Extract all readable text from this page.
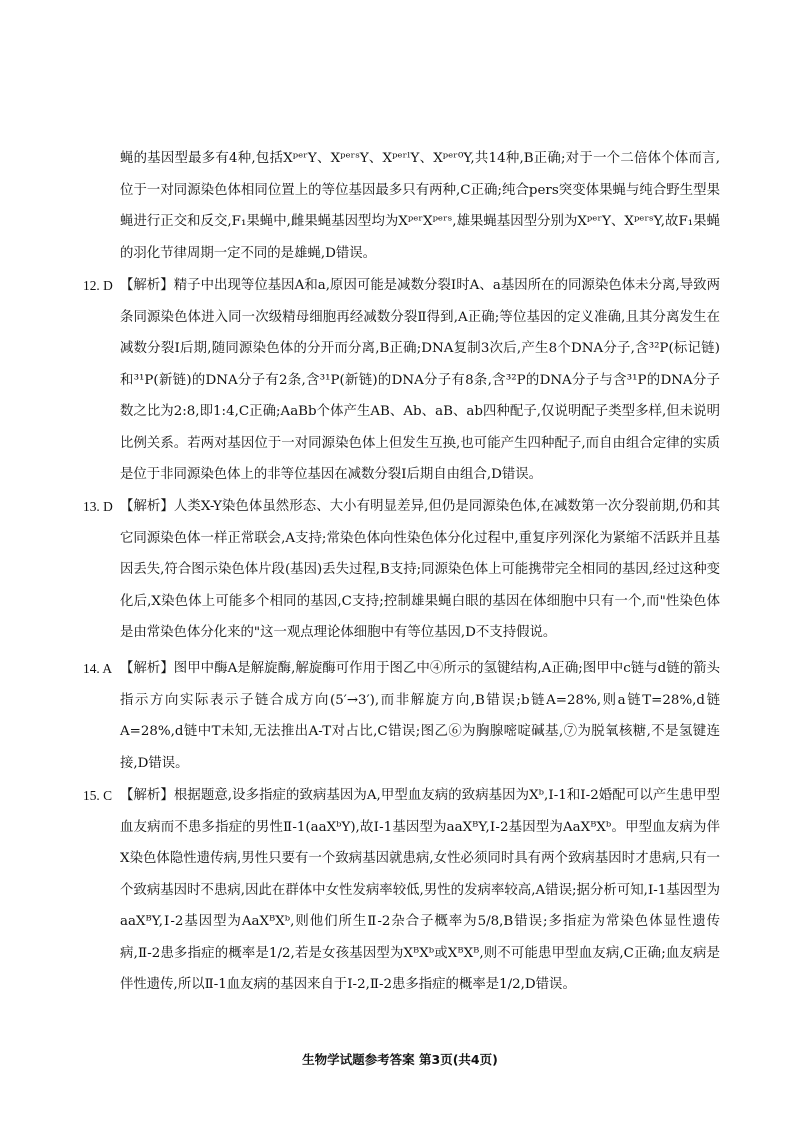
蝇的基因型最多有4种,包括XᵖᵉʳY、XᵖᵉʳˢY、XᵖᵉʳˡY、Xᵖᵉʳ⁰Y,共14种,B正确;对于一个二倍体个体而言,位于一对同源染色体相同位置上的等位基因最多只有两种,C正确;纯合pers突变体果蝇与纯合野生型果蝇进行正交和反交,F₁果蝇中,雌果蝇基因型均为XᵖᵉʳXᵖᵉʳˢ,雄果蝇基因型分别为XᵖᵉʳY、XᵖᵉʳˢY,故F₁果蝇的羽化节律周期一定不同的是雄蝇,D错误。
12. D 【解析】精子中出现等位基因A和a,原因可能是减数分裂Ⅰ时A、a基因所在的同源染色体未分离,导致两条同源染色体进入同一次级精母细胞再经减数分裂Ⅱ得到,A正确;等位基因的定义准确,且其分离发生在减数分裂Ⅰ后期,随同源染色体的分开而分离,B正确;DNA复制3次后,产生8个DNA分子,含³²P(标记链)和³¹P(新链)的DNA分子有2条,含³¹P(新链)的DNA分子有8条,含³²P的DNA分子与含³¹P的DNA分子数之比为2:8,即1:4,C正确;AaBb个体产生AB、Ab、aB、ab四种配子,仅说明配子类型多样,但未说明比例关系。若两对基因位于一对同源染色体上但发生互换,也可能产生四种配子,而自由组合定律的实质是位于非同源染色体上的非等位基因在减数分裂Ⅰ后期自由组合,D错误。
13. D 【解析】人类X-Y染色体虽然形态、大小有明显差异,但仍是同源染色体,在减数第一次分裂前期,仍和其它同源染色体一样正常联会,A支持;常染色体向性染色体分化过程中,重复序列深化为紧缩不活跃并且基因丢失,符合图示染色体片段(基因)丢失过程,B支持;同源染色体上可能携带完全相同的基因,经过这种变化后,X染色体上可能多个相同的基因,C支持;控制雄果蝇白眼的基因在体细胞中只有一个,而"性染色体是由常染色体分化来的"这一观点理论体细胞中有等位基因,D不支持假说。
14. A 【解析】图甲中酶A是解旋酶,解旋酶可作用于图乙中④所示的氢键结构,A正确;图甲中c链与d链的箭头指示方向实际表示子链合成方向(5′→3′),而非解旋方向,B错误;b链A=28%,则a链T=28%,d链A=28%,d链中T未知,无法推出A-T对占比,C错误;图乙⑥为胸腺嘧啶碱基,⑦为脱氧核糖,不是氢键连接,D错误。
15. C 【解析】根据题意,设多指症的致病基因为A,甲型血友病的致病基因为Xᵇ,Ⅰ-1和Ⅰ-2婚配可以产生患甲型血友病而不患多指症的男性Ⅱ-1(aaXᵇY),故Ⅰ-1基因型为aaXᴮY,Ⅰ-2基因型为AaXᴮXᵇ。甲型血友病为伴X染色体隐性遗传病,男性只要有一个致病基因就患病,女性必须同时具有两个致病基因时才患病,只有一个致病基因时不患病,因此在群体中女性发病率较低,男性的发病率较高,A错误;据分析可知,Ⅰ-1基因型为aaXᴮY,Ⅰ-2基因型为AaXᴮXᵇ,则他们所生Ⅱ-2杂合子概率为5/8,B错误;多指症为常染色体显性遗传病,Ⅱ-2患多指症的概率是1/2,若是女孩基因型为XᴮXᵇ或XᴮXᴮ,则不可能患甲型血友病,C正确;血友病是伴性遗传,所以Ⅱ-1血友病的基因来自于Ⅰ-2,Ⅱ-2患多指症的概率是1/2,D错误。
生物学试题参考答案 第3页(共4页)
